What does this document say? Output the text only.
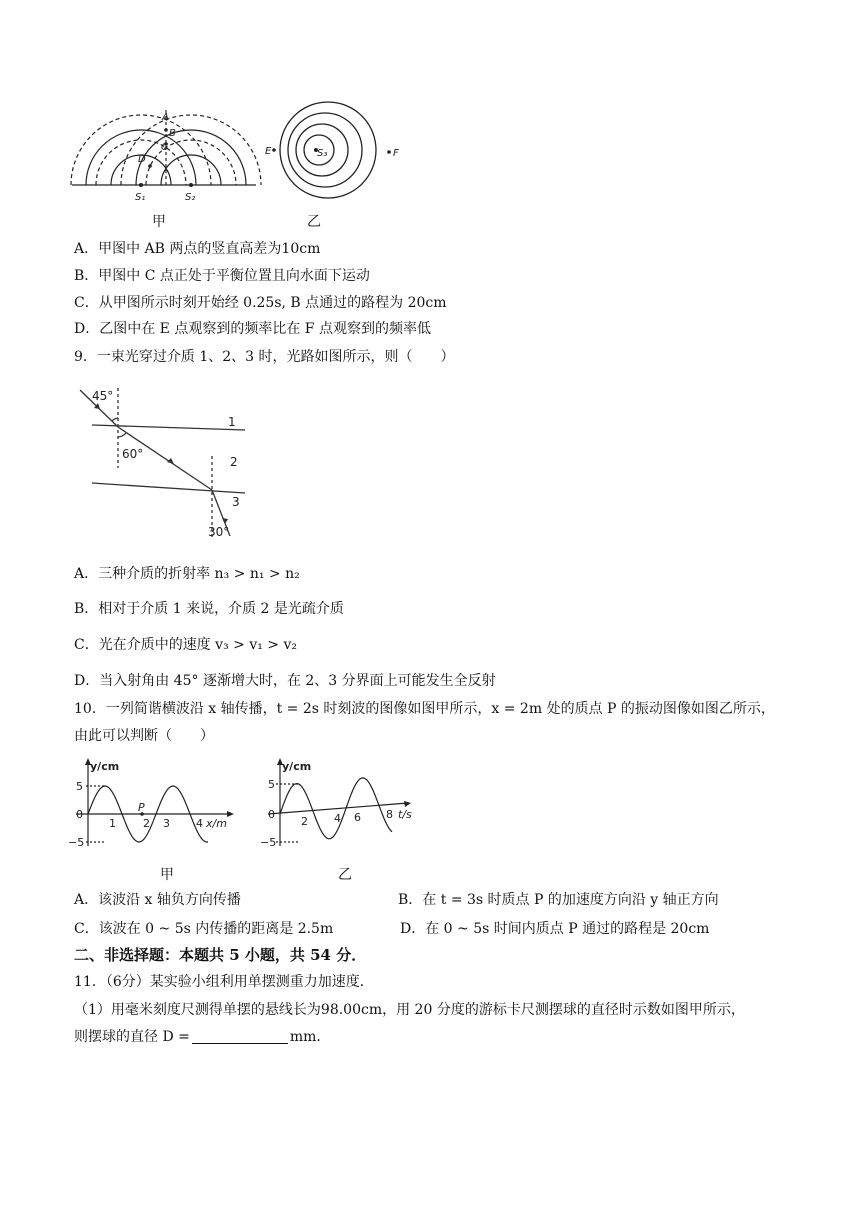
A
B
C
D
S₁	S₂
E	F
S₃
甲	乙
A．甲图中 AB 两点的竖直高差为10cm
B．甲图中 C 点正处于平衡位置且向水面下运动
C．从甲图所示时刻开始经 0.25s, B 点通过的路程为 20cm
D．乙图中在 E 点观察到的频率比在 F 点观察到的频率低
9．一束光穿过介质 1、2、3 时，光路如图所示，则（　　）
45°
60°
30°
1
2
3
A．三种介质的折射率 n₃ > n₁ > n₂
B．相对于介质 1 来说，介质 2 是光疏介质
C．光在介质中的速度 v₃ > v₁ > v₂
D．当入射角由 45° 逐渐增大时，在 2、3 分界面上可能发生全反射
10．一列简谐横波沿 x 轴传播，t = 2s 时刻波的图像如图甲所示，x = 2m 处的质点 P 的振动图像如图乙所示，
由此可以判断（　　）
y/cm
5
0
−5
1 2 3 4
P
x/m
y/cm
5
0
−5
2 4 6 8 t/s
甲	乙
A．该波沿 x 轴负方向传播	B．在 t = 3s 时质点 P 的加速度方向沿 y 轴正方向
C．该波在 0 ~ 5s 内传播的距离是 2.5m	D．在 0 ~ 5s 时间内质点 P 通过的路程是 20cm
二、非选择题：本题共 5 小题，共 54 分．
11．（6分）某实验小组利用单摆测重力加速度．
（1）用毫米刻度尺测得单摆的悬线长为98.00cm，用 20 分度的游标卡尺测摆球的直径时示数如图甲所示，
则摆球的直径 D =	mm．
